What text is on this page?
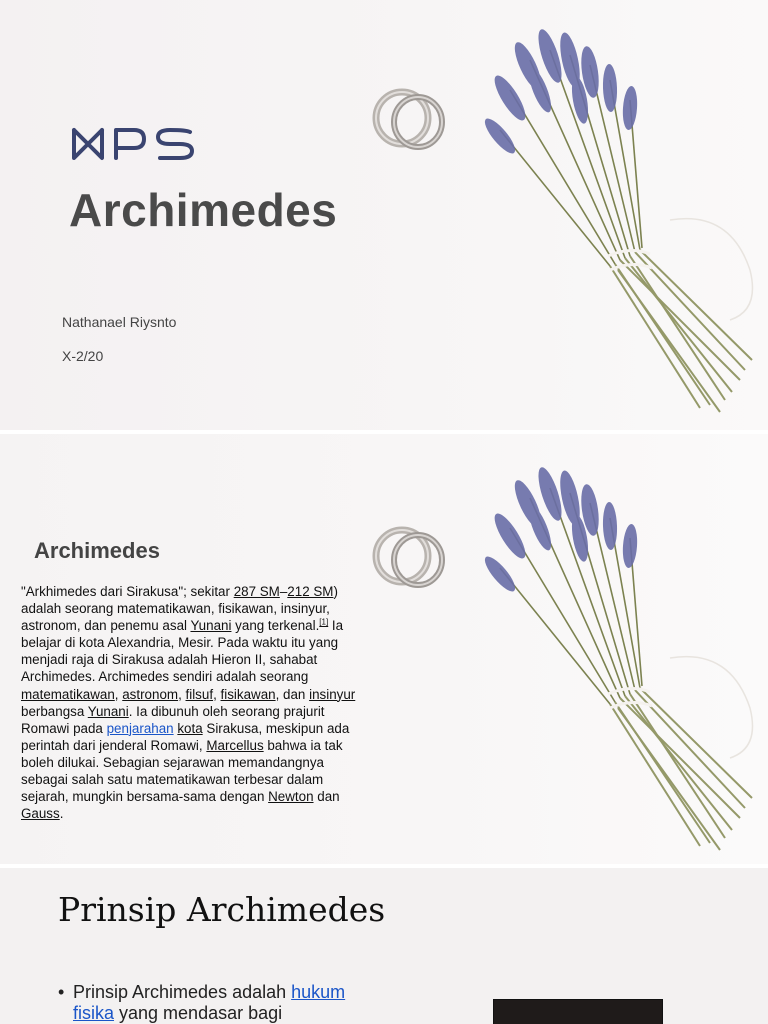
Archimedes
Nathanael Riysnto
X-2/20
Archimedes
"Arkhimedes dari Sirakusa"; sekitar 287 SM–212 SM) adalah seorang matematikawan, fisikawan, insinyur, astronom, dan penemu asal Yunani yang terkenal.[1] Ia belajar di kota Alexandria, Mesir. Pada waktu itu yang menjadi raja di Sirakusa adalah Hieron II, sahabat Archimedes. Archimedes sendiri adalah seorang matematikawan, astronom, filsuf, fisikawan, dan insinyur berbangsa Yunani. Ia dibunuh oleh seorang prajurit Romawi pada penjarahan kota Sirakusa, meskipun ada perintah dari jenderal Romawi, Marcellus bahwa ia tak boleh dilukai. Sebagian sejarawan memandangnya sebagai salah satu matematikawan terbesar dalam sejarah, mungkin bersama-sama dengan Newton dan Gauss.
Prinsip Archimedes
• Prinsip Archimedes adalah hukum fisika yang mendasar bagi
